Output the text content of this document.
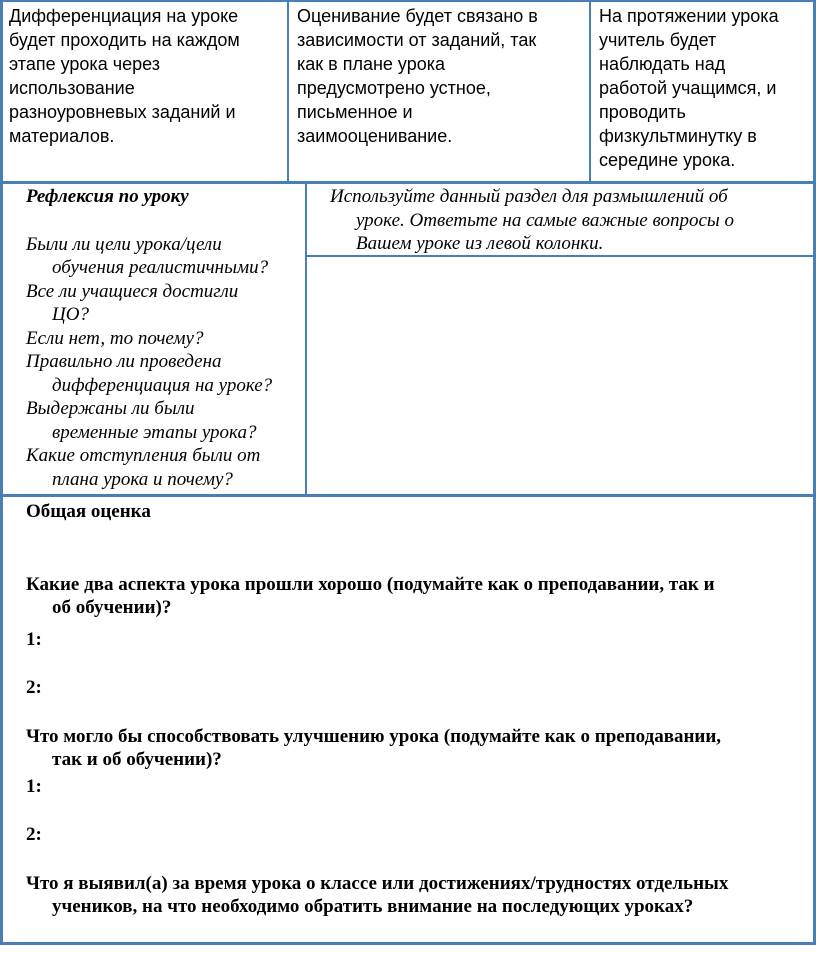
Дифференциация на уроке
будет проходить на каждом
этапе урока через
использование
разноуровневых заданий и
материалов.
Оценивание будет связано в
зависимости от заданий, так
как в плане урока
предусмотрено устное,
письменное и
заимооценивание.
На протяжении урока
учитель будет
наблюдать над
работой учащимся, и
проводить
физкультминутку в
середине урока.
Рефлексия по уроку
Были ли цели урока/цели
обучения реалистичными?
Все ли учащиеся достигли
ЦО?
Если нет, то почему?
Правильно ли проведена
дифференциация на уроке?
Выдержаны ли были
временные этапы урока?
Какие отступления были от
плана урока и почему?
Используйте данный раздел для размышлений об
уроке. Ответьте на самые важные вопросы о
Вашем уроке из левой колонки.
Общая оценка
Какие два аспекта урока прошли хорошо (подумайте как о преподавании, так и
об обучении)?
1:
2:
Что могло бы способствовать улучшению урока (подумайте как о преподавании,
так и об обучении)?
1:
2:
Что я выявил(а) за время урока о классе или достижениях/трудностях отдельных
учеников, на что необходимо обратить внимание на последующих уроках?
